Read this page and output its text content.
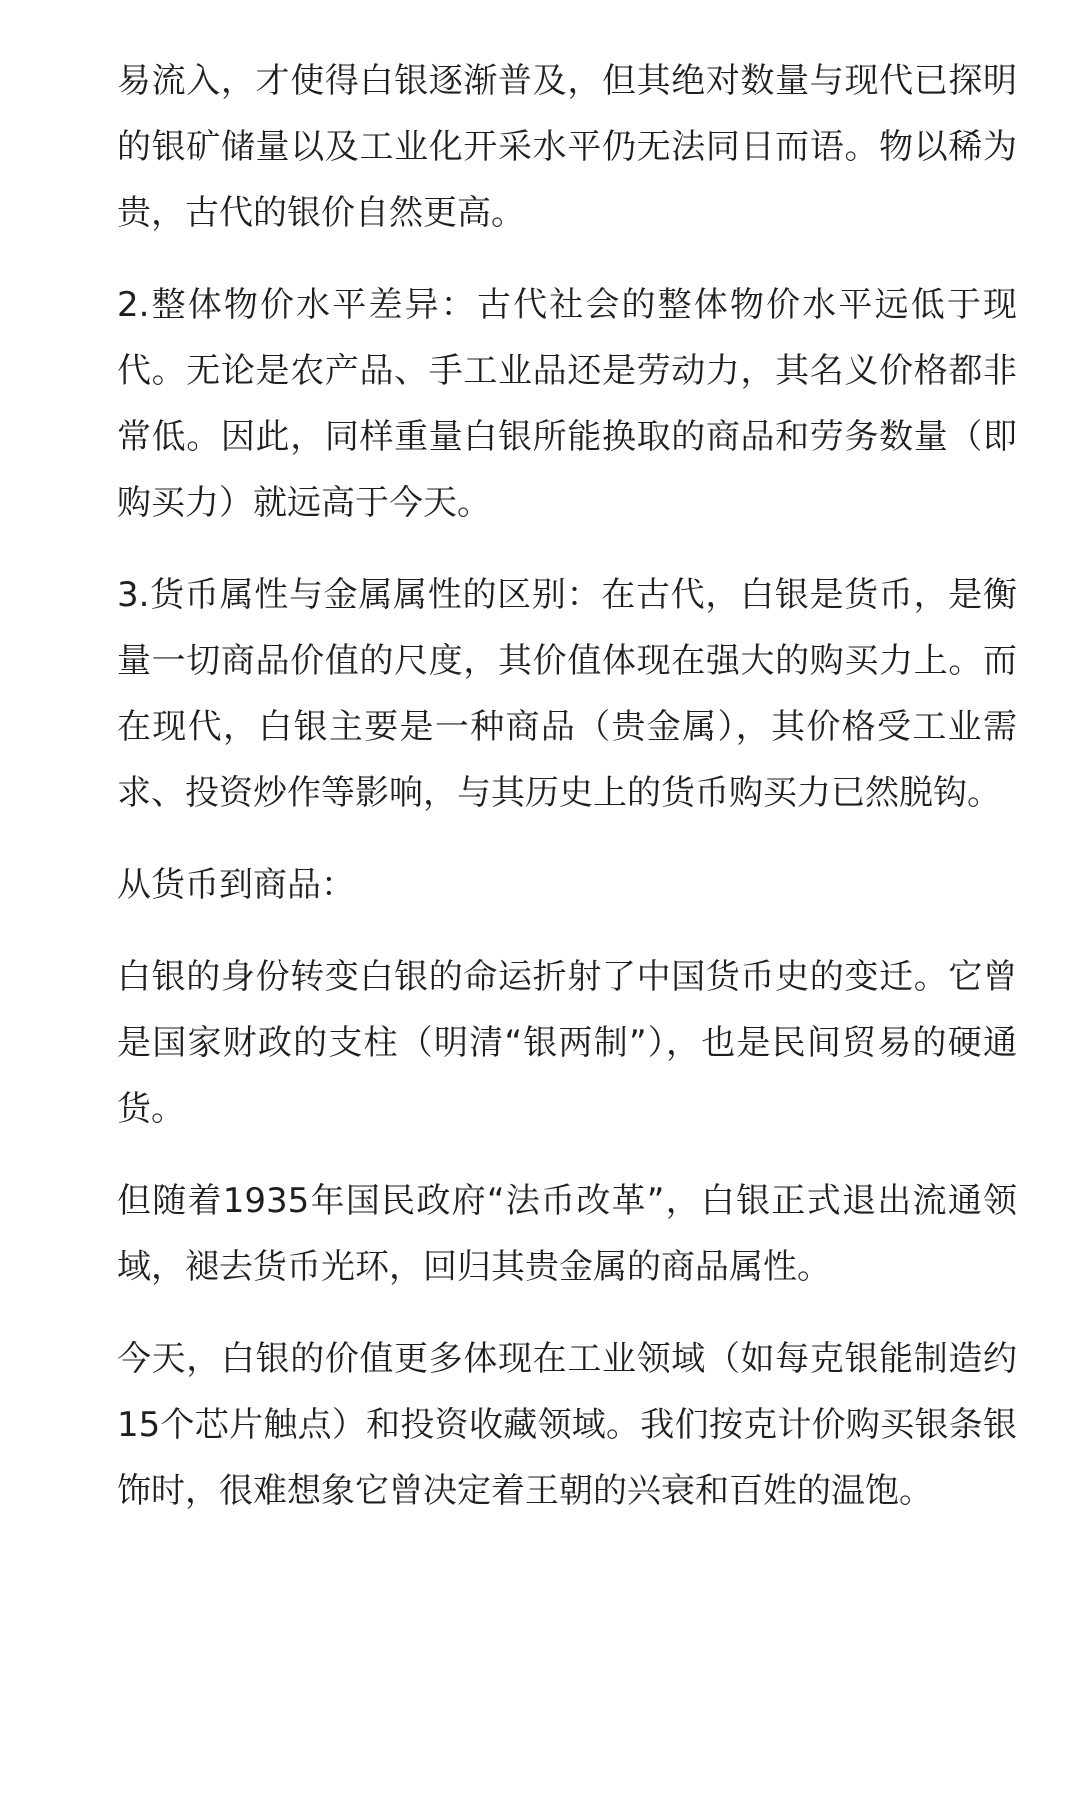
易流入，才使得白银逐渐普及，但其绝对数量与现代已探明的银矿储量以及工业化开采水平仍无法同日而语。物以稀为贵，古代的银价自然更高。

2.整体物价水平差异：古代社会的整体物价水平远低于现代。无论是农产品、手工业品还是劳动力，其名义价格都非常低。因此，同样重量白银所能换取的商品和劳务数量（即购买力）就远高于今天。

3.货币属性与金属属性的区别：在古代，白银是货币，是衡量一切商品价值的尺度，其价值体现在强大的购买力上。而在现代，白银主要是一种商品（贵金属），其价格受工业需求、投资炒作等影响，与其历史上的货币购买力已然脱钩。

从货币到商品：

白银的身份转变白银的命运折射了中国货币史的变迁。它曾是国家财政的支柱（明清“银两制”），也是民间贸易的硬通货。

但随着1935年国民政府“法币改革”，白银正式退出流通领域，褪去货币光环，回归其贵金属的商品属性。

今天，白银的价值更多体现在工业领域（如每克银能制造约15个芯片触点）和投资收藏领域。我们按克计价购买银条银饰时，很难想象它曾决定着王朝的兴衰和百姓的温饱。
